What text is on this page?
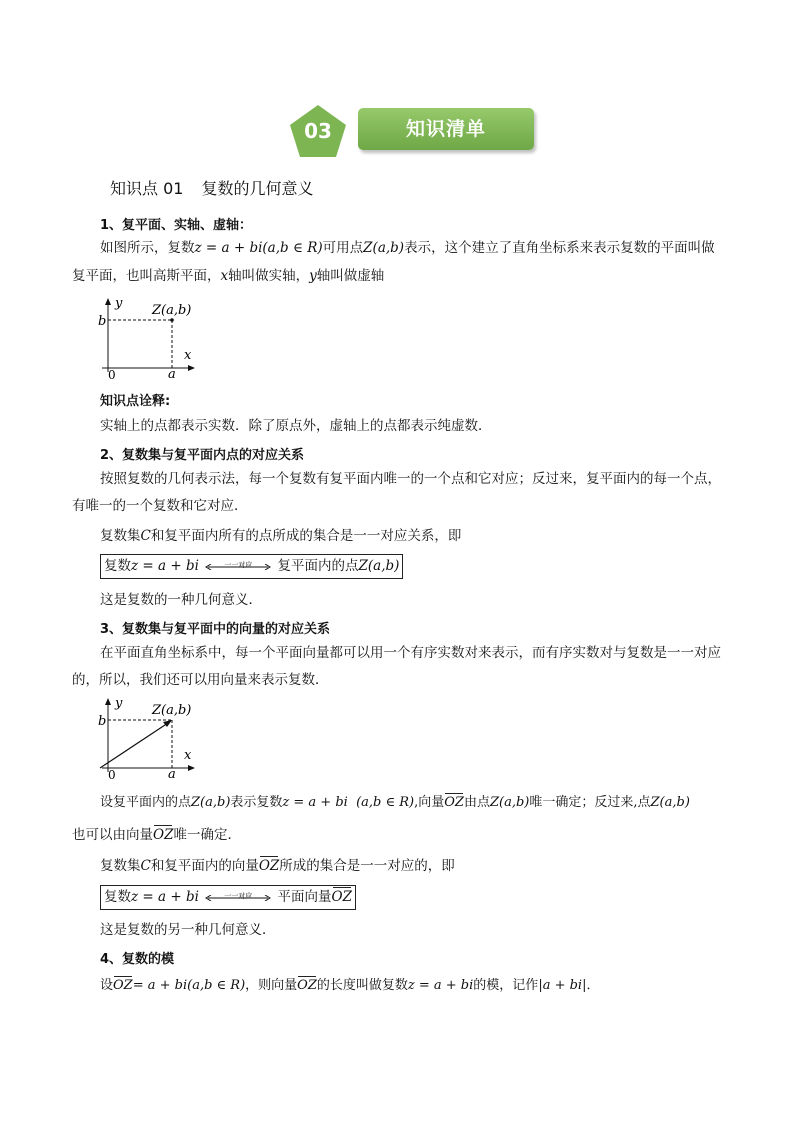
03	知识清单
知识点 01 复数的几何意义
1、复平面、实轴、虚轴：
如图所示，复数z = a + bi(a,b ∈ R)可用点Z(a,b)表示，这个建立了直角坐标系来表示复数的平面叫做
复平面，也叫高斯平面，x轴叫做实轴，y轴叫做虚轴
y
x
b
a
0
Z(a,b)
知识点诠释:
实轴上的点都表示实数．除了原点外，虚轴上的点都表示纯虚数．
2、复数集与复平面内点的对应关系
按照复数的几何表示法，每一个复数有复平面内唯一的一个点和它对应；反过来，复平面内的每一个点，有唯一的一个复数和它对应．
复数集C和复平面内所有的点所成的集合是一一对应关系，即
复数z = a + bi	一一对应	复平面内的点Z(a,b)
这是复数的一种几何意义．
3、复数集与复平面中的向量的对应关系
在平面直角坐标系中，每一个平面向量都可以用一个有序实数对来表示，而有序实数对与复数是一一对应的，所以，我们还可以用向量来表示复数．
y
x
b
a
0
Z(a,b)
设复平面内的点Z(a,b)表示复数z = a + bi (a,b ∈ R),向量OZ由点Z(a,b)唯一确定；反过来,点Z(a,b)
也可以由向量OZ唯一确定．
复数集C和复平面内的向量OZ所成的集合是一一对应的，即
复数z = a + bi	一一对应	平面向量OZ
这是复数的另一种几何意义．
4、复数的模
设OZ= a + bi(a,b ∈ R)，则向量OZ的长度叫做复数z = a + bi的模，记作|a + bi|．
